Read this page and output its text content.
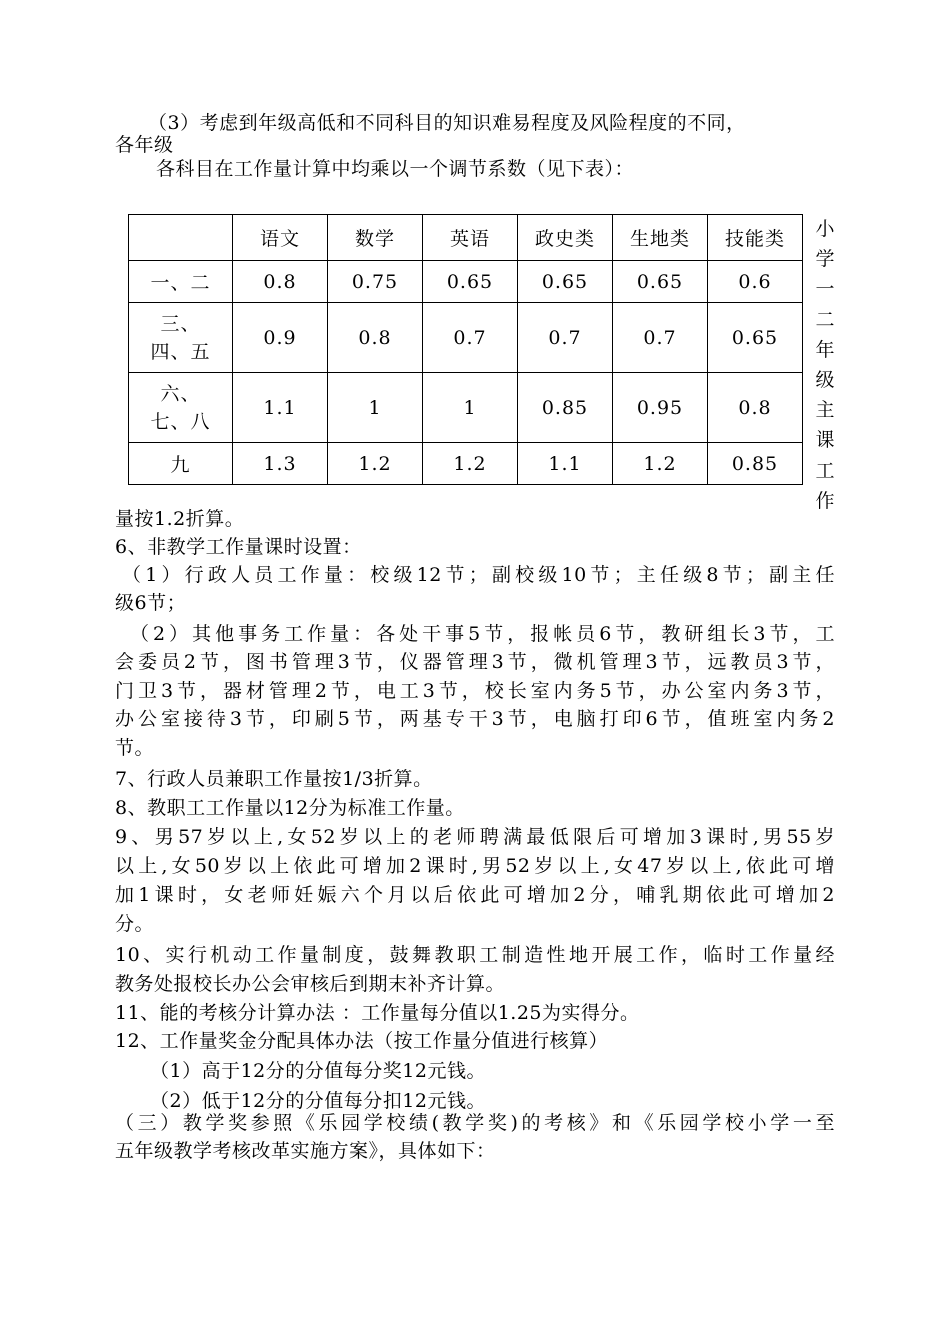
（3）考虑到年级高低和不同科目的知识难易程度及风险程度的不同，
各年级
各科目在工作量计算中均乘以一个调节系数（见下表）：
	语文	数学	英语	政史类	生地类	技能类
一、二	0.8	0.75	0.65	0.65	0.65	0.6
三、四、五	0.9	0.8	0.7	0.7	0.7	0.65
六、七、八	1.1	1	1	0.85	0.95	0.8
九	1.3	1.2	1.2	1.1	1.2	0.85
小
学
一
二
年
级
主
课
工
作
量按1.2折算。
6、非教学工作量课时设置：
（1）行政人员工作量：校级12节；副校级10节；主任级8节；副主任
级6节；
（2）其他事务工作量：各处干事5节，报帐员6节，教研组长3节，工
会委员2节，图书管理3节，仪器管理3节，微机管理3节，远教员3节，
门卫3节，器材管理2节，电工3节，校长室内务5节，办公室内务3节，
办公室接待3节，印刷5节，两基专干3节，电脑打印6节，值班室内务2
节。
7、行政人员兼职工作量按1/3折算。
8、教职工工作量以12分为标准工作量。
9、男57岁以上,女52岁以上的老师聘满最低限后可增加3课时,男55岁
以上,女50岁以上依此可增加2课时,男52岁以上,女47岁以上,依此可增
加1课时，女老师妊娠六个月以后依此可增加2分，哺乳期依此可增加2
分。
10、实行机动工作量制度，鼓舞教职工制造性地开展工作，临时工作量经
教务处报校长办公会审核后到期末补齐计算。
11、能的考核分计算办法 ：工作量每分值以1.25为实得分。
12、工作量奖金分配具体办法（按工作量分值进行核算）
（1）高于12分的分值每分奖12元钱。
（2）低于12分的分值每分扣12元钱。
（三）教学奖参照《乐园学校绩(教学奖)的考核》和《乐园学校小学一至
五年级教学考核改革实施方案》，具体如下：
